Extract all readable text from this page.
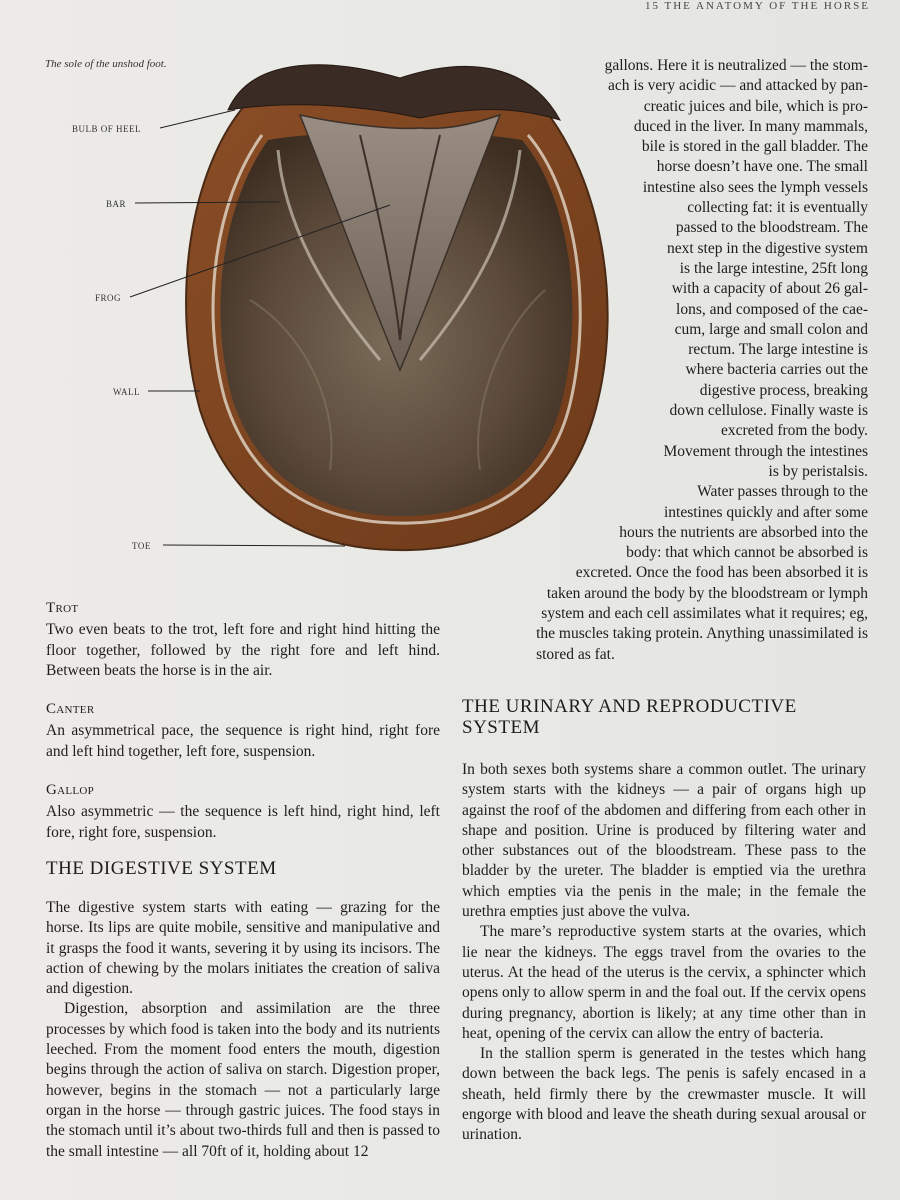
15 THE ANATOMY OF THE HORSE
The sole of the unshod foot.
BULB OF HEEL
BAR
FROG
WALL
TOE
gallons. Here it is neutralized — the stom-
ach is very acidic — and attacked by pan-
creatic juices and bile, which is pro-
duced in the liver. In many mammals,
bile is stored in the gall bladder. The
horse doesn’t have one. The small
intestine also sees the lymph vessels
collecting fat: it is eventually
passed to the bloodstream. The
next step in the digestive system
is the large intestine, 25ft long
with a capacity of about 26 gal-
lons, and composed of the cae-
cum, large and small colon and
rectum. The large intestine is
where bacteria carries out the
digestive process, breaking
down cellulose. Finally waste is
excreted from the body.
Movement through the intestines
is by peristalsis.
Water passes through to the
intestines quickly and after some
hours the nutrients are absorbed into the
body: that which cannot be absorbed is
excreted. Once the food has been absorbed it is
taken around the body by the bloodstream or lymph
system and each cell assimilates what it requires; eg,
the muscles taking protein. Anything unassimilated is
stored as fat.
Trot

Two even beats to the trot, left fore and right hind hitting the floor together, followed by the right fore and left hind. Between beats the horse is in the air.

Canter

An asymmetrical pace, the sequence is right hind, right fore and left hind together, left fore, suspension.

Gallop

Also asymmetric — the sequence is left hind, right hind, left fore, right fore, suspension.

THE DIGESTIVE SYSTEM

The digestive system starts with eating — grazing for the horse. Its lips are quite mobile, sensitive and manipulative and it grasps the food it wants, severing it by using its incisors. The action of chewing by the molars initiates the creation of saliva and digestion.

Digestion, absorption and assimilation are the three processes by which food is taken into the body and its nutrients leeched. From the moment food enters the mouth, digestion begins through the action of saliva on starch. Digestion proper, however, begins in the stomach — not a particularly large organ in the horse — through gastric juices. The food stays in the stomach until it’s about two-thirds full and then is passed to the small intestine — all 70ft of it, holding about 12

THE URINARY AND REPRODUCTIVE SYSTEM

In both sexes both systems share a common outlet. The urinary system starts with the kidneys — a pair of organs high up against the roof of the abdomen and differing from each other in shape and position. Urine is produced by filtering water and other substances out of the bloodstream. These pass to the bladder by the ureter. The bladder is emptied via the urethra which empties via the penis in the male; in the female the urethra empties just above the vulva.

The mare’s reproductive system starts at the ovaries, which lie near the kidneys. The eggs travel from the ovaries to the uterus. At the head of the uterus is the cervix, a sphincter which opens only to allow sperm in and the foal out. If the cervix opens during pregnancy, abortion is likely; at any time other than in heat, opening of the cervix can allow the entry of bacteria.

In the stallion sperm is generated in the testes which hang down between the back legs. The penis is safely encased in a sheath, held firmly there by the crewmaster muscle. It will engorge with blood and leave the sheath during sexual arousal or urination.
